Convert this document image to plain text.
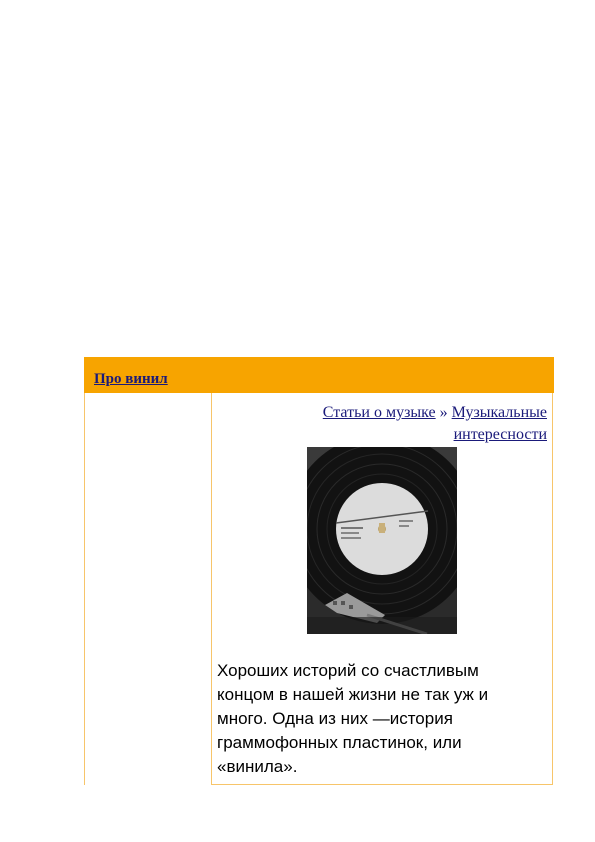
Про винил
Статьи о музыке » Музыкальные интересности

Хороших историй со счастливым концом в нашей жизни не так уж и много. Одна из них —история граммофонных пластинок, или «винила».
